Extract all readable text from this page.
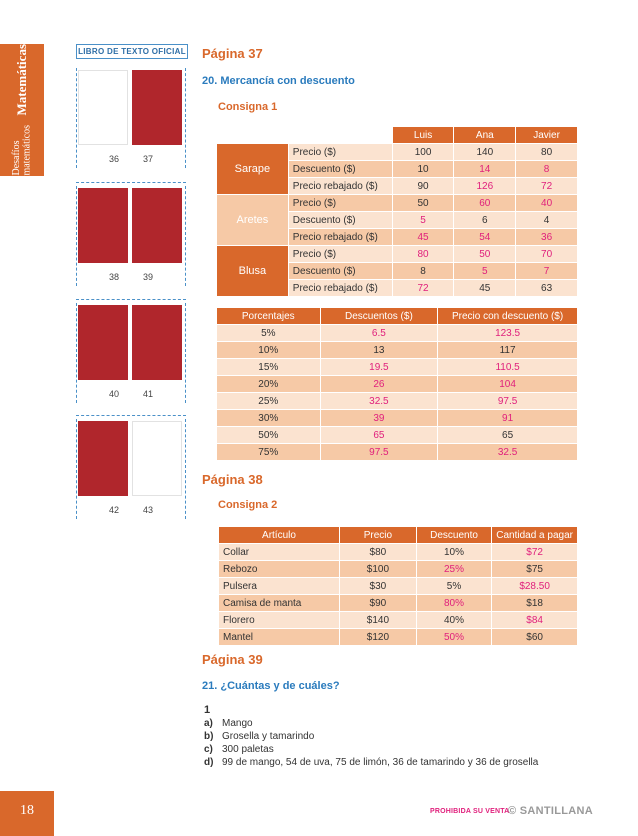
Matemáticas
Desafíos matemáticos
LIBRO DE TEXTO OFICIAL
36	37
38	39
40	41
42	43
Página 37
20. Mercancía con descuento
Consigna 1
		Luis	Ana	Javier
Sarape	Precio ($)	100	140	80
	Descuento ($)	10	14	8
	Precio rebajado ($)	90	126	72
Aretes	Precio ($)	50	60	40
	Descuento ($)	5	6	4
	Precio rebajado ($)	45	54	36
Blusa	Precio ($)	80	50	70
	Descuento ($)	8	5	7
	Precio rebajado ($)	72	45	63
Porcentajes	Descuentos ($)	Precio con descuento ($)
5%	6.5	123.5
10%	13	117
15%	19.5	110.5
20%	26	104
25%	32.5	97.5
30%	39	91
50%	65	65
75%	97.5	32.5
Página 38
Consigna 2
Artículo	Precio	Descuento	Cantidad a pagar
Collar	$80	10%	$72
Rebozo	$100	25%	$75
Pulsera	$30	5%	$28.50
Camisa de manta	$90	80%	$18
Florero	$140	40%	$84
Mantel	$120	50%	$60
Página 39
21. ¿Cuántas y de cuáles?
1
a) Mango
b) Grosella y tamarindo
c) 300 paletas
d) 99 de mango, 54 de uva, 75 de limón, 36 de tamarindo y 36 de grosella
18	PROHIBIDA SU VENTA
© SANTILLANA
